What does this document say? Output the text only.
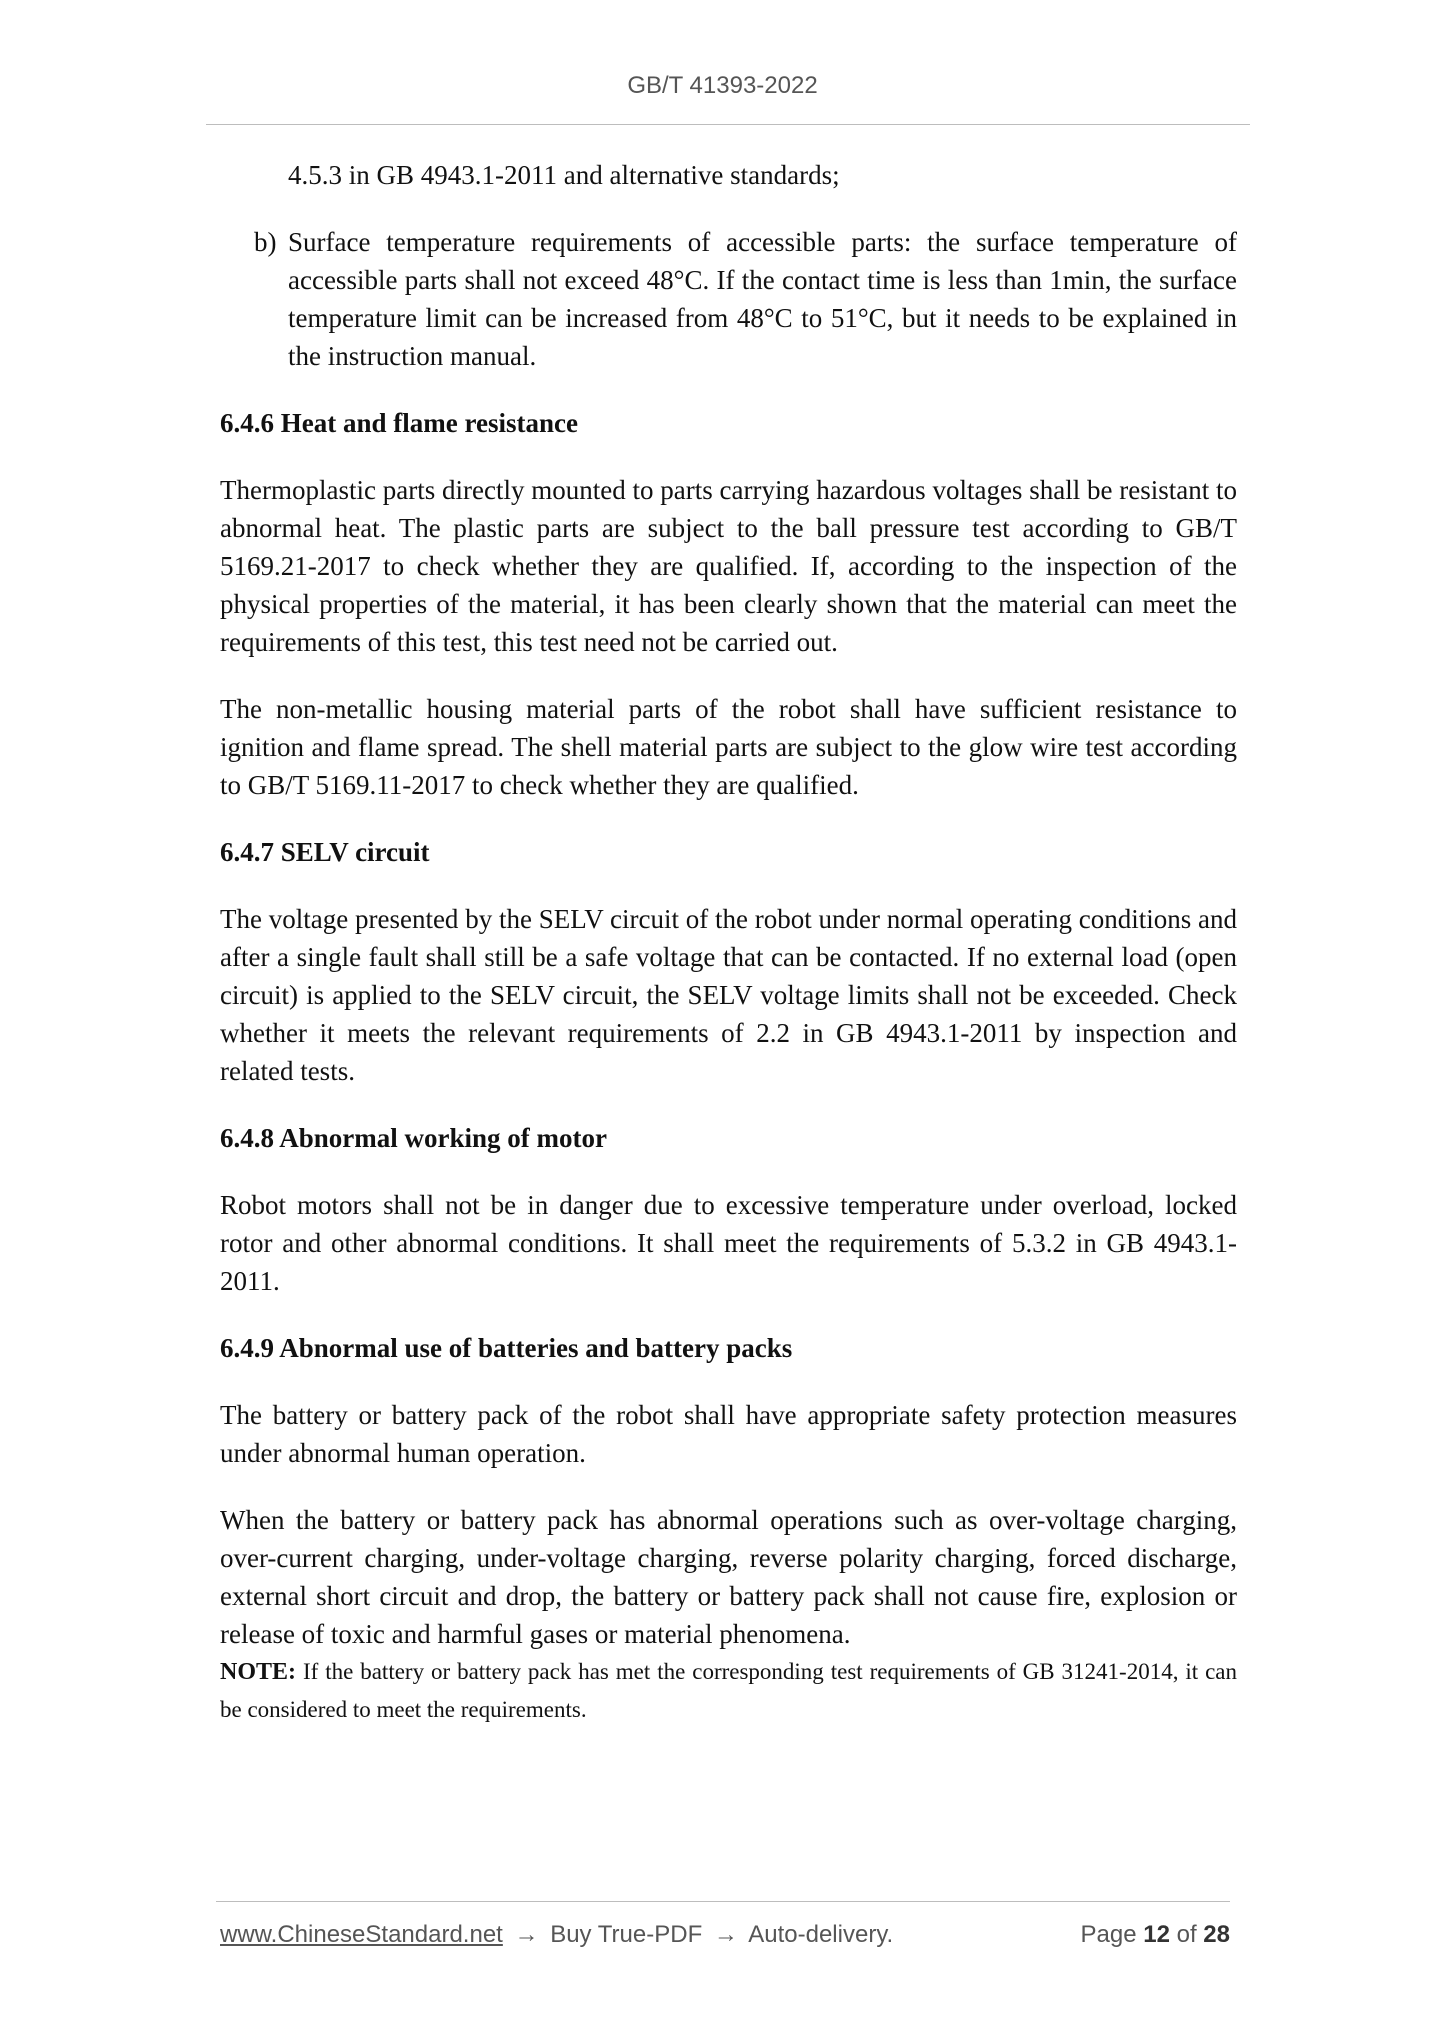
GB/T 41393-2022

4.5.3 in GB 4943.1-2011 and alternative standards;

b) Surface temperature requirements of accessible parts: the surface temperature of accessible parts shall not exceed 48°C. If the contact time is less than 1min, the surface temperature limit can be increased from 48°C to 51°C, but it needs to be explained in the instruction manual.

6.4.6 Heat and flame resistance

Thermoplastic parts directly mounted to parts carrying hazardous voltages shall be resistant to abnormal heat. The plastic parts are subject to the ball pressure test according to GB/T 5169.21-2017 to check whether they are qualified. If, according to the inspection of the physical properties of the material, it has been clearly shown that the material can meet the requirements of this test, this test need not be carried out.

The non-metallic housing material parts of the robot shall have sufficient resistance to ignition and flame spread. The shell material parts are subject to the glow wire test according to GB/T 5169.11-2017 to check whether they are qualified.

6.4.7 SELV circuit

The voltage presented by the SELV circuit of the robot under normal operating conditions and after a single fault shall still be a safe voltage that can be contacted. If no external load (open circuit) is applied to the SELV circuit, the SELV voltage limits shall not be exceeded. Check whether it meets the relevant requirements of 2.2 in GB 4943.1-2011 by inspection and related tests.

6.4.8 Abnormal working of motor

Robot motors shall not be in danger due to excessive temperature under overload, locked rotor and other abnormal conditions. It shall meet the requirements of 5.3.2 in GB 4943.1-2011.

6.4.9 Abnormal use of batteries and battery packs

The battery or battery pack of the robot shall have appropriate safety protection measures under abnormal human operation.

When the battery or battery pack has abnormal operations such as over-voltage charging, over-current charging, under-voltage charging, reverse polarity charging, forced discharge, external short circuit and drop, the battery or battery pack shall not cause fire, explosion or release of toxic and harmful gases or material phenomena.

NOTE: If the battery or battery pack has met the corresponding test requirements of GB 31241-2014, it can be considered to meet the requirements.

www.ChineseStandard.net → Buy True-PDF → Auto-delivery.	Page 12 of 28
